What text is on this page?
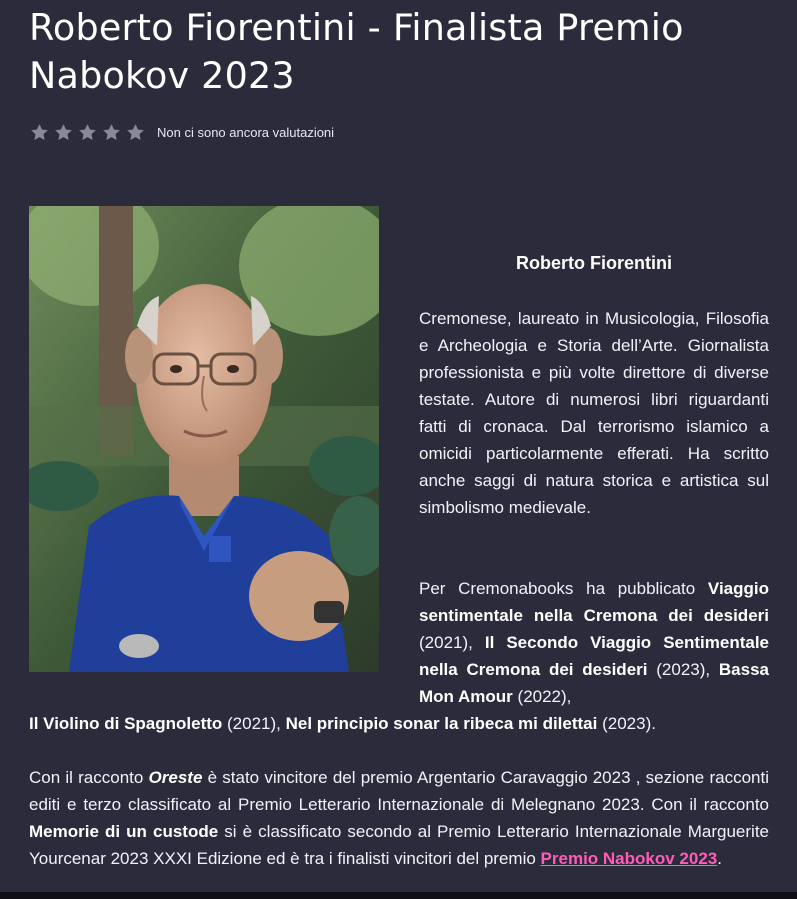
Roberto Fiorentini - Finalista Premio Nabokov 2023
Non ci sono ancora valutazioni
Roberto Fiorentini

Cremonese, laureato in Musicologia, Filosofia e Archeologia e Storia dell’Arte. Giornalista professionista e più volte direttore di diverse testate. Autore di numerosi libri riguardanti fatti di cronaca. Dal terrorismo islamico a omicidi particolarmente efferati. Ha scritto anche saggi di natura storica e artistica sul simbolismo medievale.

Per Cremonabooks ha pubblicato Viaggio sentimentale nella Cremona dei desideri (2021), Il Secondo Viaggio Sentimentale nella Cremona dei desideri (2023), Bassa Mon Amour (2022),

Il Violino di Spagnoletto (2021), Nel principio sonar la ribeca mi dilettai (2023).

Con il racconto Oreste è stato vincitore del premio Argentario Caravaggio 2023 , sezione racconti editi e terzo classificato al Premio Letterario Internazionale di Melegnano 2023. Con il racconto Memorie di un custode si è classificato secondo al Premio Letterario Internazionale Marguerite Yourcenar 2023 XXXI Edizione ed è tra i finalisti vincitori del premio Premio Nabokov 2023.
